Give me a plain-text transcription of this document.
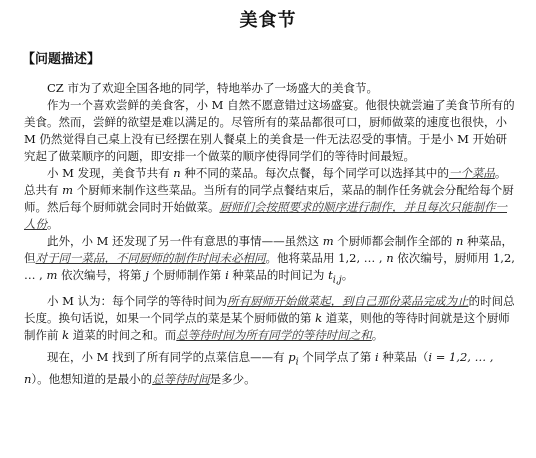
美食节
【问题描述】

CZ 市为了欢迎全国各地的同学，特地举办了一场盛大的美食节。

作为一个喜欢尝鲜的美食客，小 M 自然不愿意错过这场盛宴。他很快就尝遍了美食节所有的美食。然而，尝鲜的欲望是难以满足的。尽管所有的菜品都很可口，厨师做菜的速度也很快，小 M 仍然觉得自己桌上没有已经摆在别人餐桌上的美食是一件无法忍受的事情。于是小 M 开始研究起了做菜顺序的问题，即安排一个做菜的顺序使得同学们的等待时间最短。

小 M 发现，美食节共有 n 种不同的菜品。每次点餐，每个同学可以选择其中的一个菜品。总共有 m 个厨师来制作这些菜品。当所有的同学点餐结束后，菜品的制作任务就会分配给每个厨师。然后每个厨师就会同时开始做菜。厨师们会按照要求的顺序进行制作，并且每次只能制作一人份。

此外，小 M 还发现了另一件有意思的事情——虽然这 m 个厨师都会制作全部的 n 种菜品，但对于同一菜品，不同厨师的制作时间未必相同。他将菜品用 1,2, … , n 依次编号，厨师用 1,2, … , m 依次编号，将第 j 个厨师制作第 i 种菜品的时间记为 $t_{i,j}$。

小 M 认为：每个同学的等待时间为所有厨师开始做菜起，到自己那份菜品完成为止的时间总长度。换句话说，如果一个同学点的菜是某个厨师做的第 k 道菜，则他的等待时间就是这个厨师制作前 k 道菜的时间之和。而总等待时间为所有同学的等待时间之和。

现在，小 M 找到了所有同学的点菜信息——有 $p_i$ 个同学点了第 i 种菜品（i = 1,2, … , n）。他想知道的是最小的总等待时间是多少。
